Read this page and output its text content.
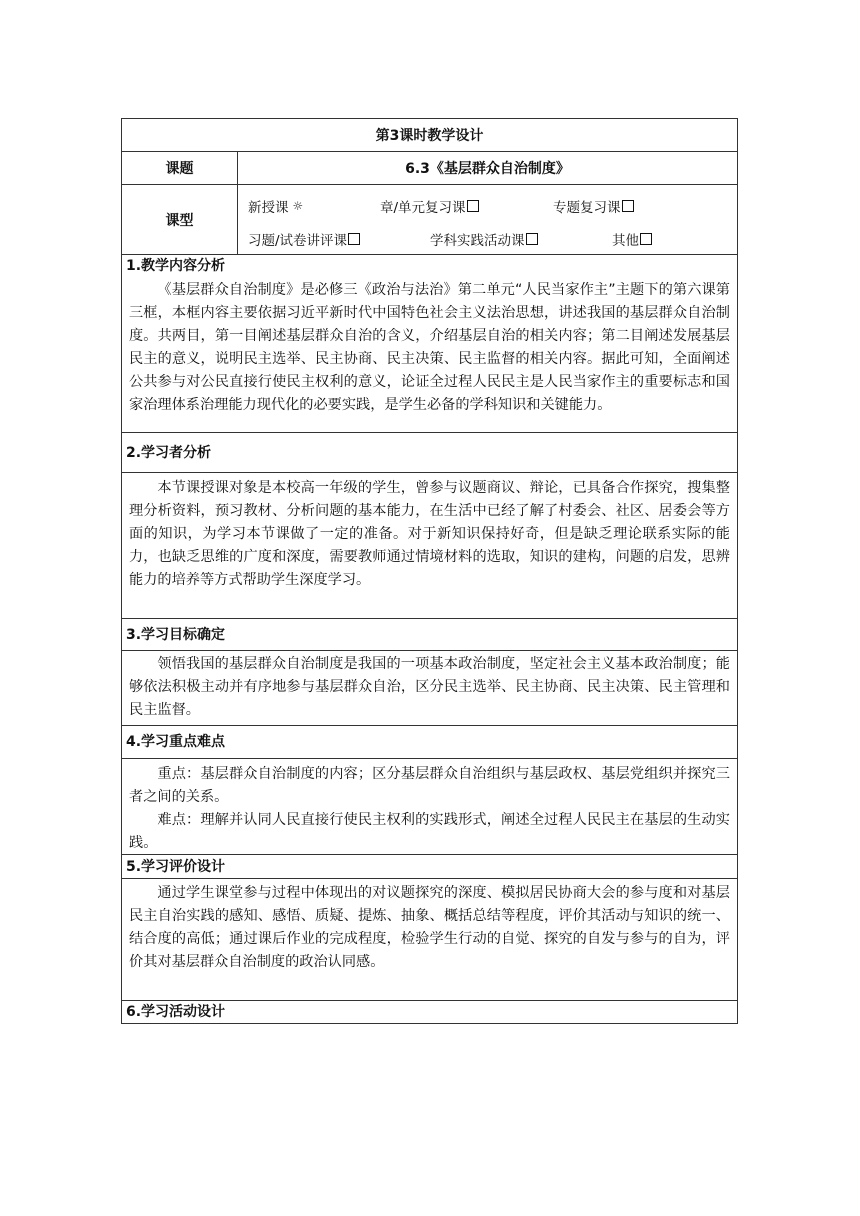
第3课时教学设计
课题	6.3《基层群众自治制度》
课型
新授课 ☼	章/单元复习课	专题复习课
习题/试卷讲评课	学科实践活动课	其他
1.教学内容分析

《基层群众自治制度》是必修三《政治与法治》第二单元“人民当家作主”主题下的第六课第三框，本框内容主要依据习近平新时代中国特色社会主义法治思想，讲述我国的基层群众自治制度。共两目，第一目阐述基层群众自治的含义，介绍基层自治的相关内容；第二目阐述发展基层民主的意义，说明民主选举、民主协商、民主决策、民主监督的相关内容。据此可知，全面阐述公共参与对公民直接行使民主权利的意义，论证全过程人民民主是人民当家作主的重要标志和国家治理体系治理能力现代化的必要实践，是学生必备的学科知识和关键能力。

2.学习者分析

本节课授课对象是本校高一年级的学生，曾参与议题商议、辩论，已具备合作探究，搜集整理分析资料，预习教材、分析问题的基本能力，在生活中已经了解了村委会、社区、居委会等方面的知识，为学习本节课做了一定的准备。对于新知识保持好奇，但是缺乏理论联系实际的能力，也缺乏思维的广度和深度，需要教师通过情境材料的选取，知识的建构，问题的启发，思辨能力的培养等方式帮助学生深度学习。

3.学习目标确定

领悟我国的基层群众自治制度是我国的一项基本政治制度，坚定社会主义基本政治制度；能够依法积极主动并有序地参与基层群众自治，区分民主选举、民主协商、民主决策、民主管理和民主监督。

4.学习重点难点

重点：基层群众自治制度的内容；区分基层群众自治组织与基层政权、基层党组织并探究三者之间的关系。

难点：理解并认同人民直接行使民主权利的实践形式，阐述全过程人民民主在基层的生动实践。

5.学习评价设计

通过学生课堂参与过程中体现出的对议题探究的深度、模拟居民协商大会的参与度和对基层民主自治实践的感知、感悟、质疑、提炼、抽象、概括总结等程度，评价其活动与知识的统一、结合度的高低；通过课后作业的完成程度，检验学生行动的自觉、探究的自发与参与的自为，评价其对基层群众自治制度的政治认同感。

6.学习活动设计
